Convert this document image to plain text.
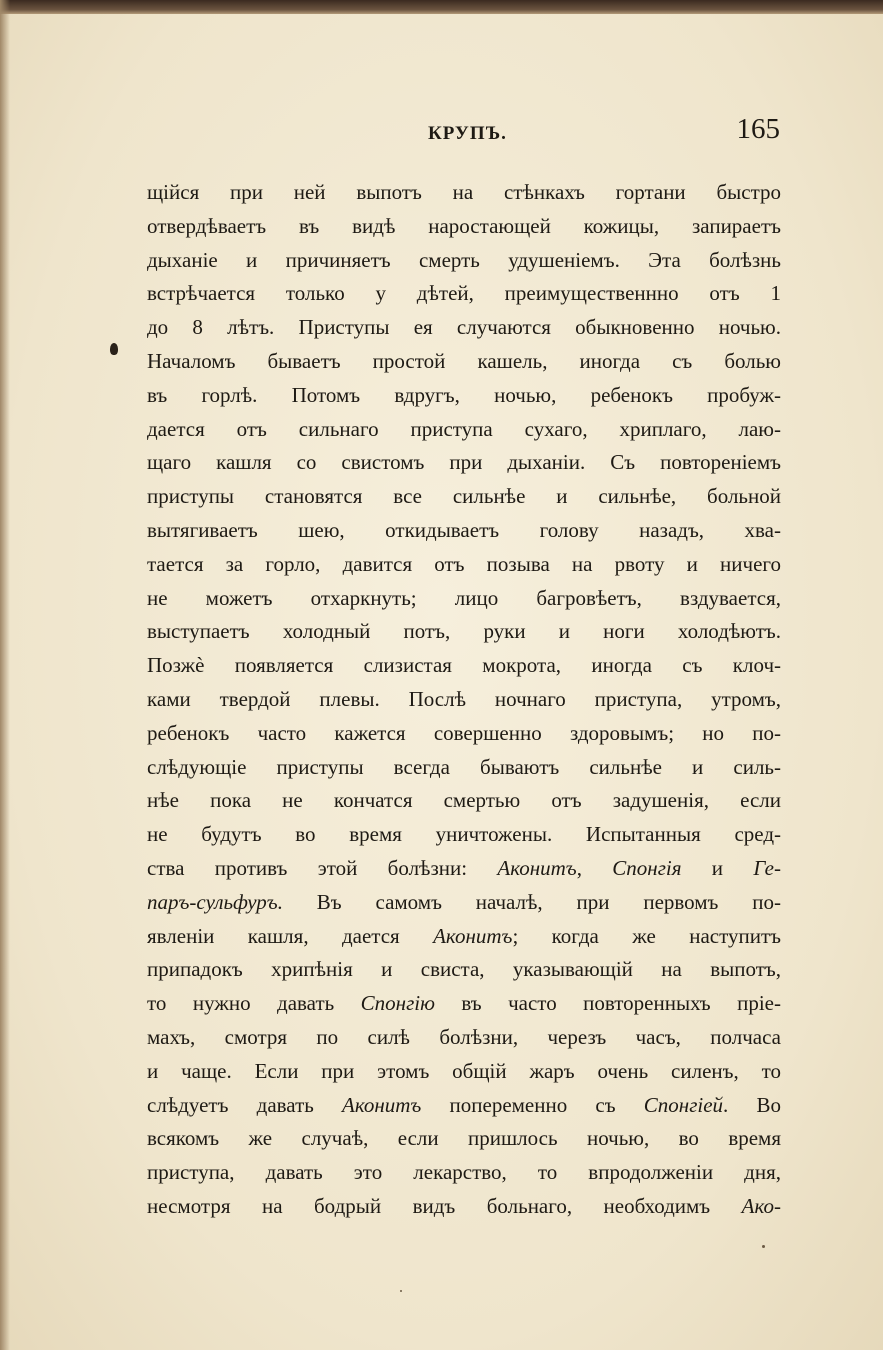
КРУПЪ.	165
щійся при ней выпотъ на стѣнкахъ гортани быстро
отвердѣваетъ въ видѣ наростающей кожицы, запираетъ
дыханіе и причиняетъ смерть удушеніемъ. Эта болѣзнь
встрѣчается только у дѣтей, преимущественнно отъ 1
до 8 лѣтъ. Приступы ея случаются обыкновенно ночью.
Началомъ бываетъ простой кашель, иногда съ болью
въ горлѣ. Потомъ вдругъ, ночью, ребенокъ пробуж-
дается отъ сильнаго приступа сухаго, хриплаго, лаю-
щаго кашля со свистомъ при дыханіи. Съ повтореніемъ
приступы становятся все сильнѣе и сильнѣе, больной
вытягиваетъ шею, откидываетъ голову назадъ, хва-
тается за горло, давится отъ позыва на рвоту и ничего
не можетъ отхаркнуть; лицо багровѣетъ, вздувается,
выступаетъ холодный потъ, руки и ноги холодѣютъ.
Позжѐ появляется слизистая мокрота, иногда съ клоч-
ками твердой плевы. Послѣ ночнаго приступа, утромъ,
ребенокъ часто кажется совершенно здоровымъ; но по-
слѣдующіе приступы всегда бываютъ сильнѣе и силь-
нѣе пока не кончатся смертью отъ задушенія, если
не будутъ во время уничтожены. Испытанныя сред-
ства противъ этой болѣзни: Аконитъ, Спонгія и Ге-
паръ-сульфуръ. Въ самомъ началѣ, при первомъ по-
явленіи кашля, дается Аконитъ; когда же наступитъ
припадокъ хрипѣнія и свиста, указывающій на выпотъ,
то нужно давать Спонгію въ часто повторенныхъ пріе-
махъ, смотря по силѣ болѣзни, черезъ часъ, полчаса
и чаще. Если при этомъ общій жаръ очень силенъ, то
слѣдуетъ давать Аконитъ попеременно съ Спонгіей. Во
всякомъ же случаѣ, если пришлось ночью, во время
приступа, давать это лекарство, то впродолженіи дня,
несмотря на бодрый видъ больнаго, необходимъ Ако-
